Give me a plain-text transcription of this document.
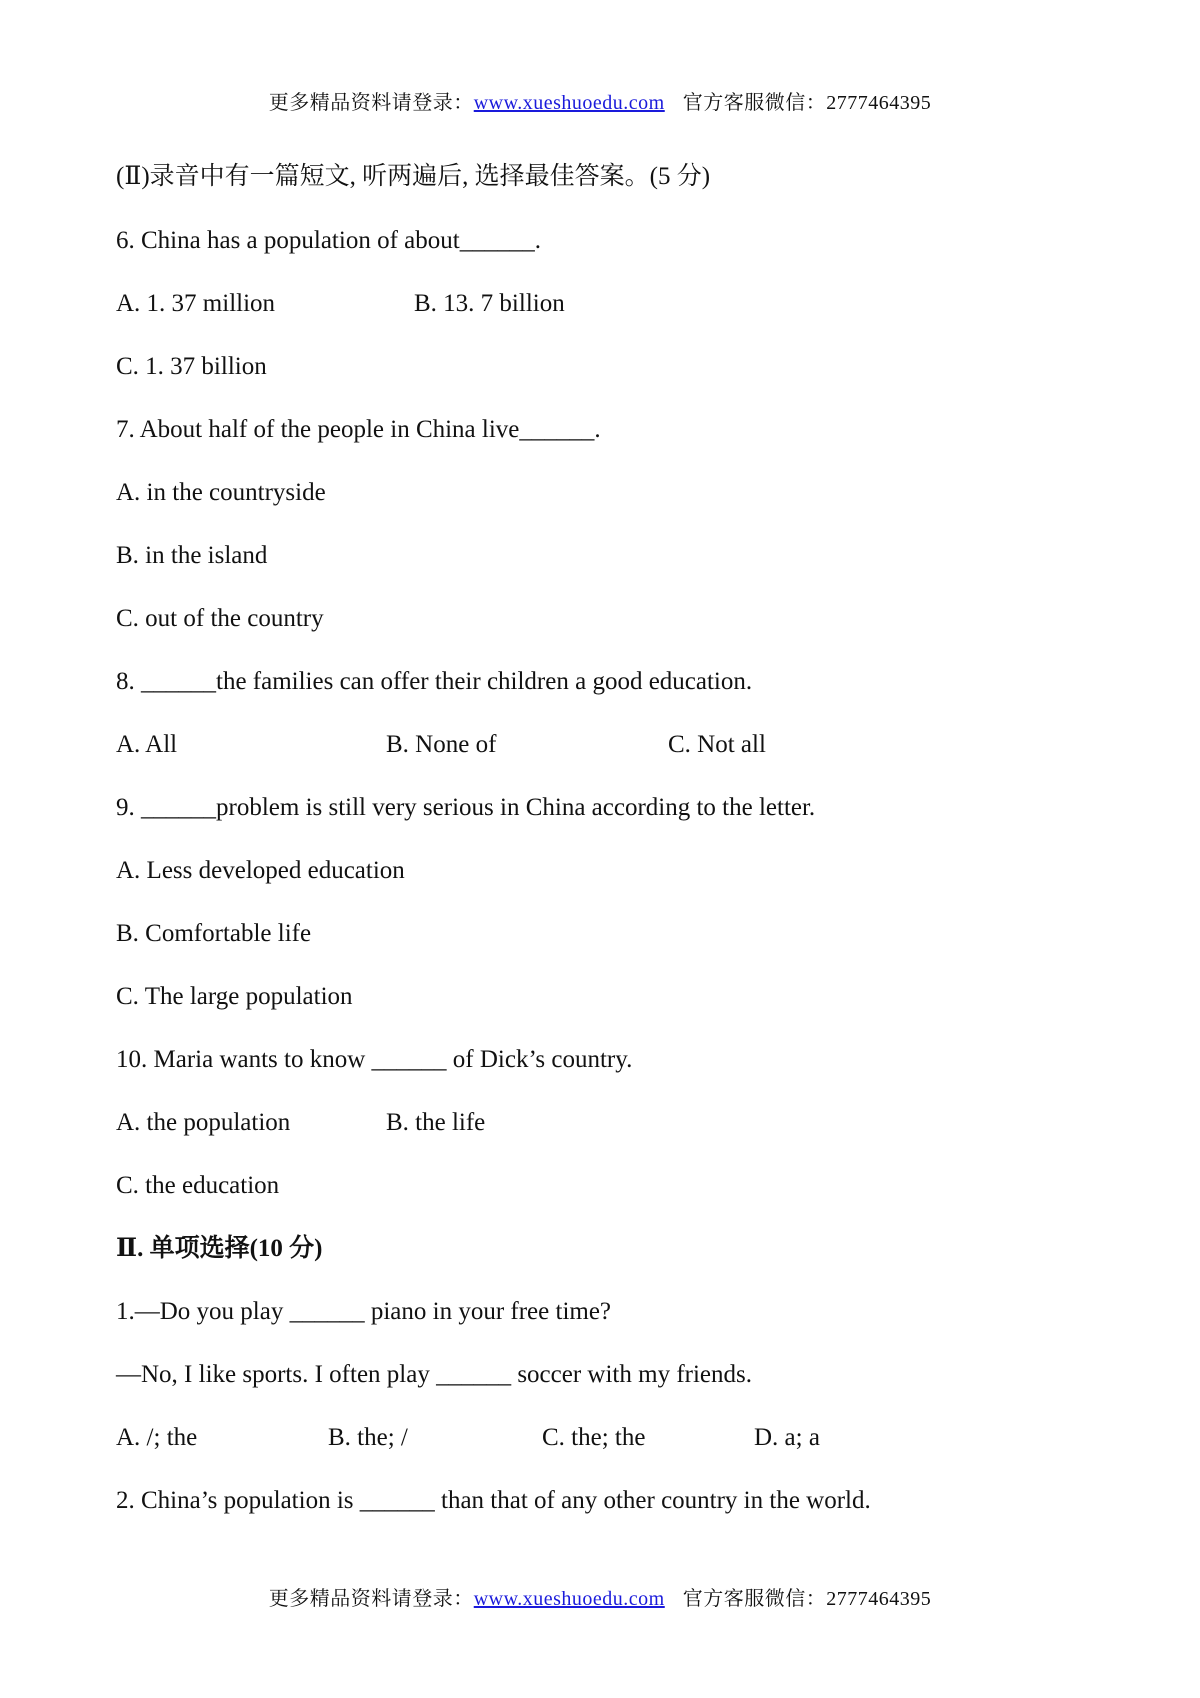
更多精品资料请登录：www.xueshuoedu.com 官方客服微信：2777464395
(Ⅱ)录音中有一篇短文, 听两遍后, 选择最佳答案。(5 分)
6. China has a population of about______.
A. 1. 37 million	B. 13. 7 billion
C. 1. 37 billion
7. About half of the people in China live______.
A. in the countryside
B. in the island
C. out of the country
8. ______the families can offer their children a good education.
A. All	B. None of	C. Not all
9. ______problem is still very serious in China according to the letter.
A. Less developed education
B. Comfortable life
C. The large population
10. Maria wants to know ______ of Dick’s country.
A. the population	B. the life
C. the education
Ⅱ. 单项选择(10 分)
1.—Do you play ______ piano in your free time?
—No, I like sports. I often play ______ soccer with my friends.
A. /; the	B. the; /	C. the; the	D. a; a
2. China’s population is ______ than that of any other country in the world.
更多精品资料请登录：www.xueshuoedu.com 官方客服微信：2777464395
